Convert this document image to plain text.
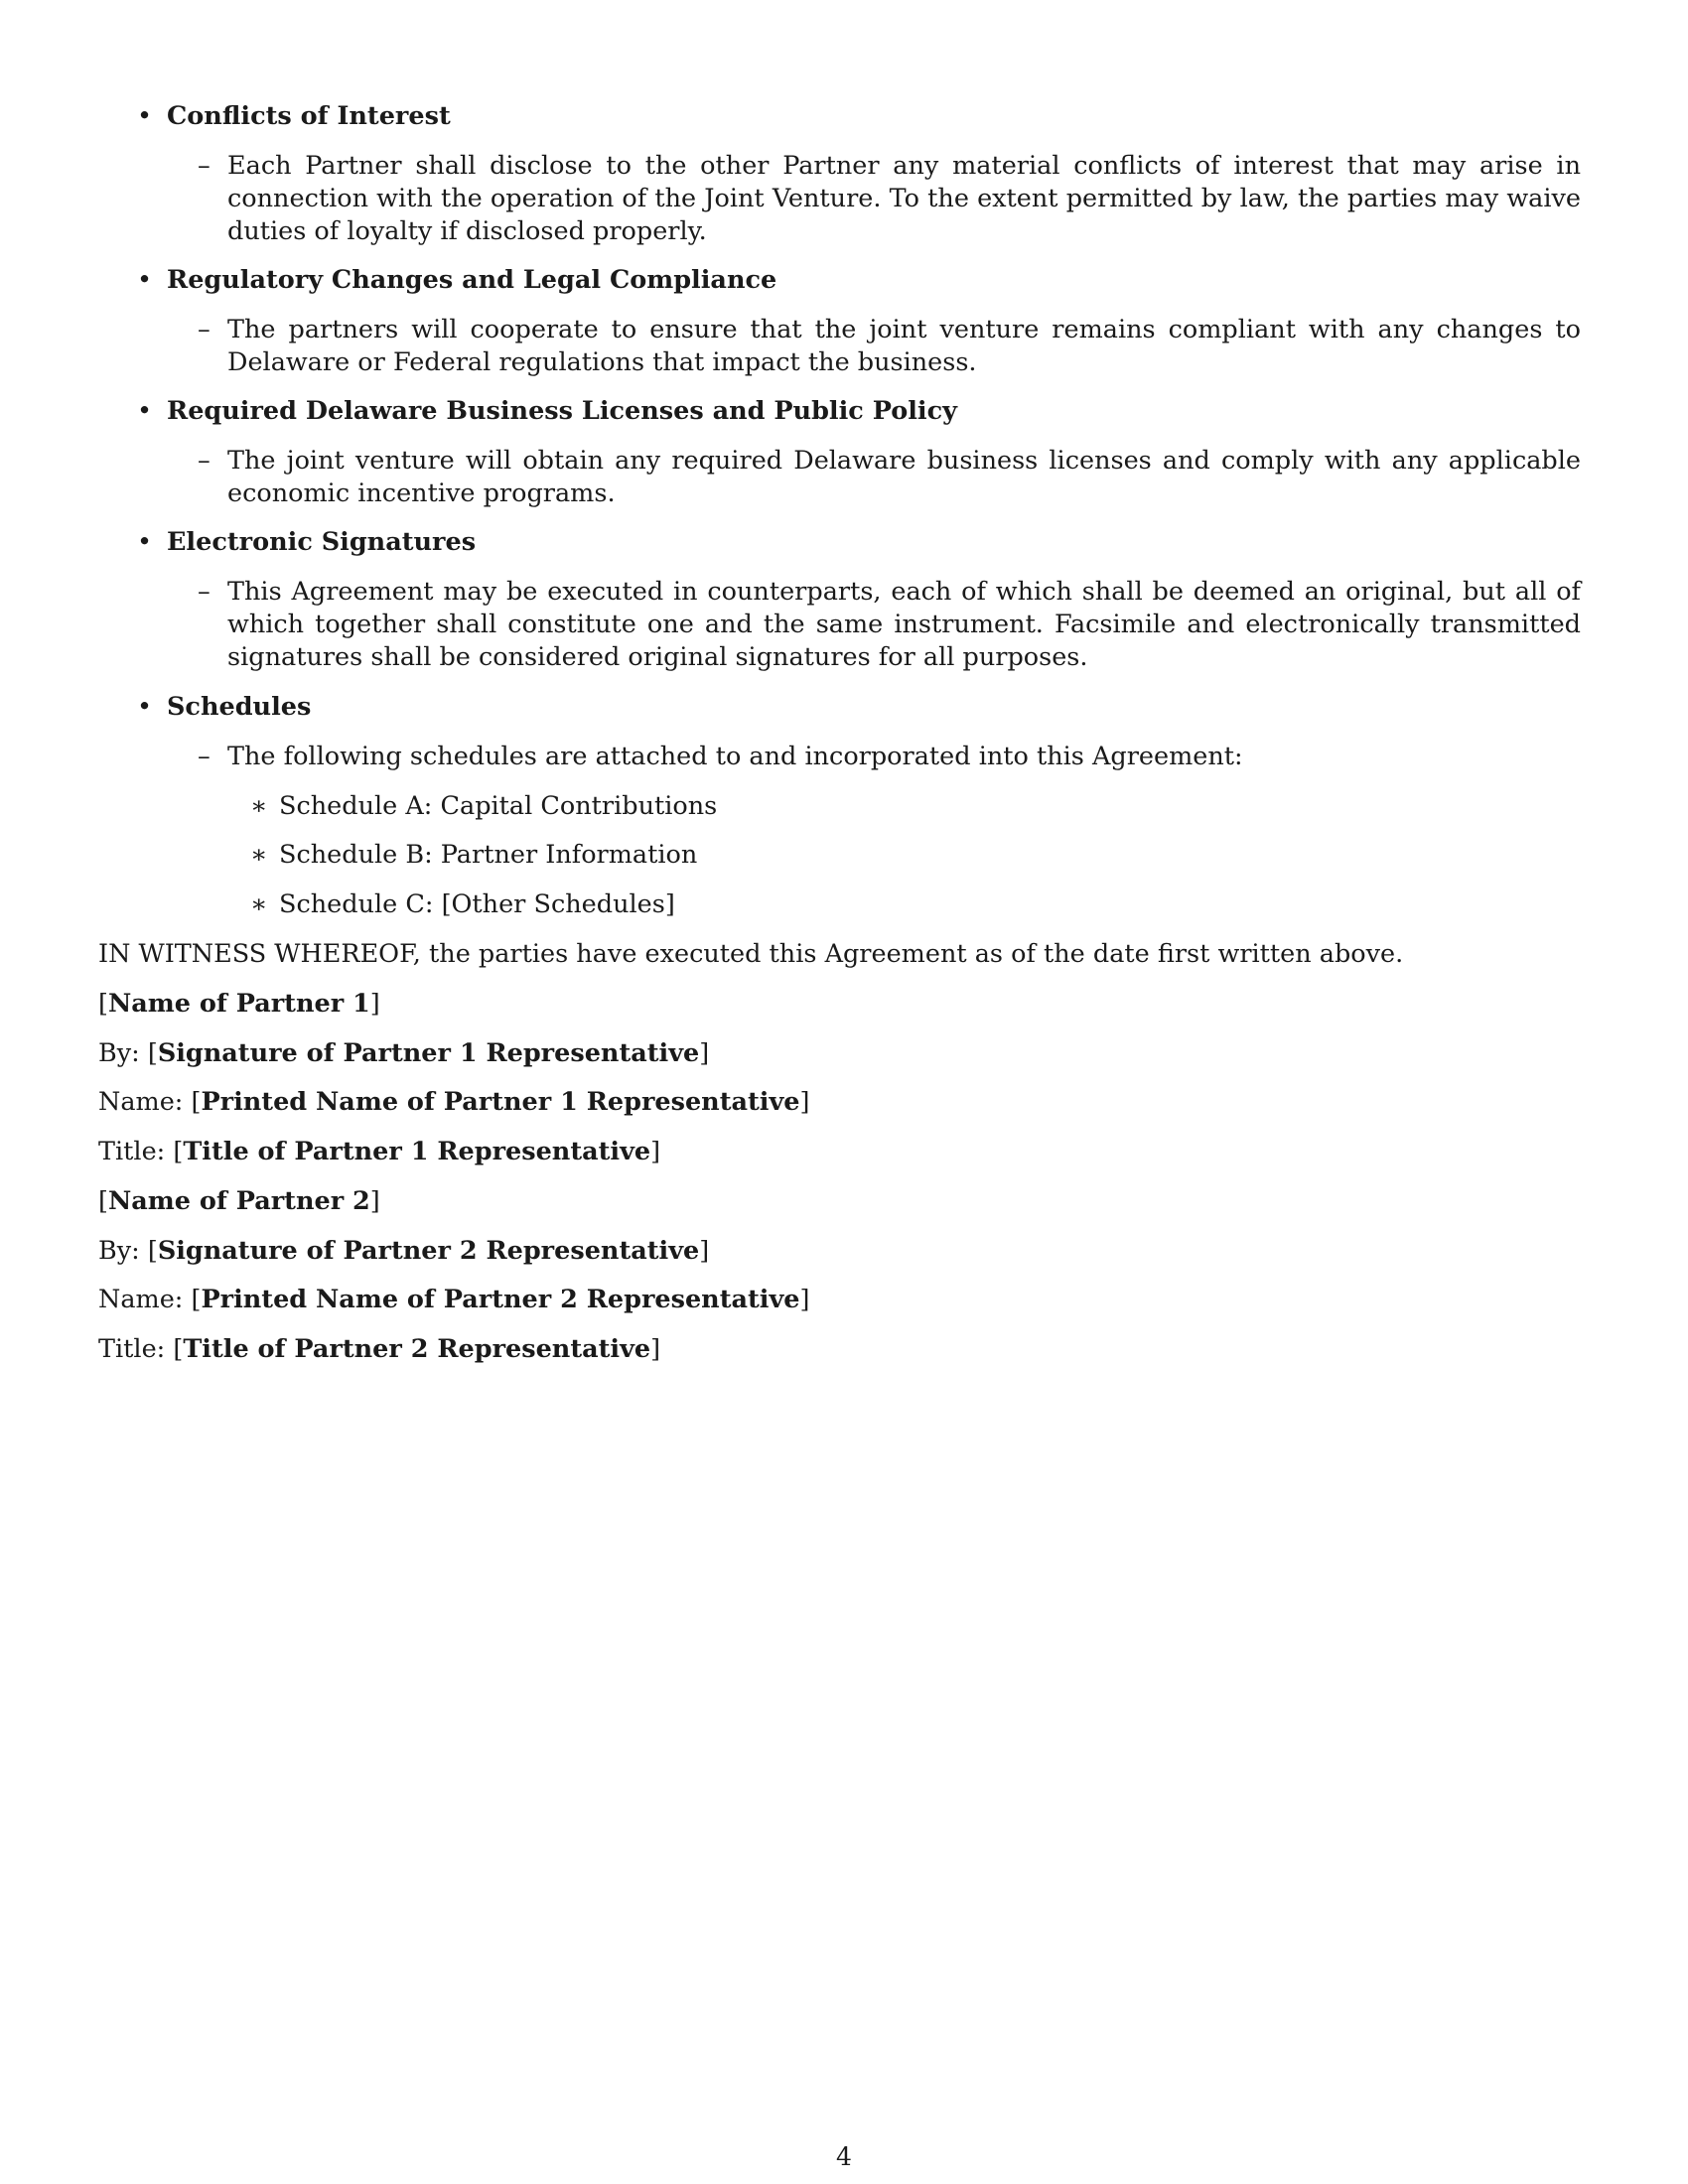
• Conflicts of Interest
– Each Partner shall disclose to the other Partner any material conflicts of interest that may arise in connection with the operation of the Joint Venture. To the extent permitted by law, the parties may waive duties of loyalty if disclosed properly.
• Regulatory Changes and Legal Compliance
– The partners will cooperate to ensure that the joint venture remains compliant with any changes to Delaware or Federal regulations that impact the business.
• Required Delaware Business Licenses and Public Policy
– The joint venture will obtain any required Delaware business licenses and comply with any applicable economic incentive programs.
• Electronic Signatures
– This Agreement may be executed in counterparts, each of which shall be deemed an original, but all of which together shall constitute one and the same instrument. Facsimile and electronically transmitted signatures shall be considered original signatures for all purposes.
• Schedules
– The following schedules are attached to and incorporated into this Agreement:
∗ Schedule A: Capital Contributions
∗ Schedule B: Partner Information
∗ Schedule C: [Other Schedules]
IN WITNESS WHEREOF, the parties have executed this Agreement as of the date first written above.
[Name of Partner 1]
By: [Signature of Partner 1 Representative]
Name: [Printed Name of Partner 1 Representative]
Title: [Title of Partner 1 Representative]
[Name of Partner 2]
By: [Signature of Partner 2 Representative]
Name: [Printed Name of Partner 2 Representative]
Title: [Title of Partner 2 Representative]
4
